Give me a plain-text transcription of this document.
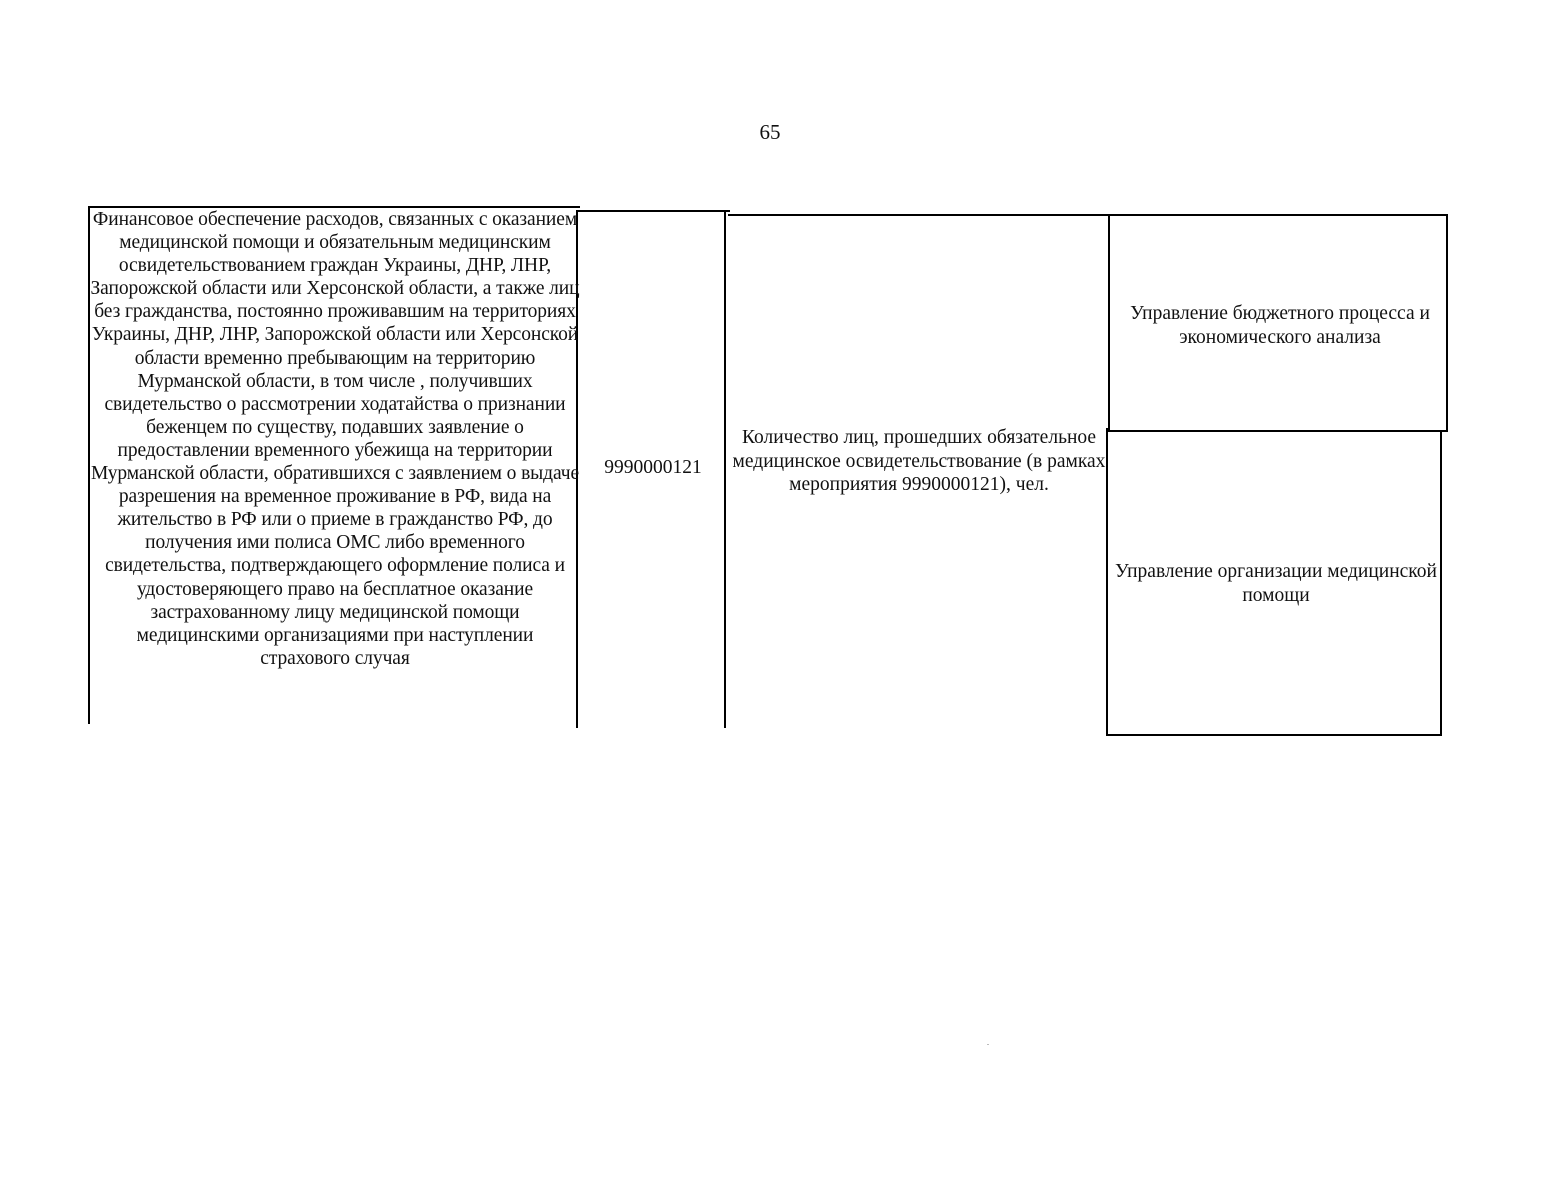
65
Финансовое обеспечение расходов, связанных с оказанием медицинской помощи и обязательным медицинским освидетельствованием граждан Украины, ДНР, ЛНР, Запорожской области или Херсонской области, а также лиц без гражданства, постоянно проживавшим на территориях Украины, ДНР, ЛНР, Запорожской области или Херсонской области временно пребывающим на территорию Мурманской области, в том числе , получивших свидетельство о рассмотрении ходатайства о признании беженцем по существу, подавших заявление о предоставлении временного убежища на территории Мурманской области, обратившихся с заявлением о выдаче разрешения на временное проживание в РФ, вида на жительство в РФ или о приеме в гражданство РФ, до получения ими полиса ОМС либо временного свидетельства, подтверждающего оформление полиса и удостоверяющего право на бесплатное оказание застрахованному лицу медицинской помощи медицинскими организациями при наступлении страхового случая
9990000121
Количество лиц, прошедших обязательное медицинское освидетельствование (в рамках мероприятия 9990000121), чел.
Управление бюджетного процесса и экономического анализа
Управление организации медицинской помощи
